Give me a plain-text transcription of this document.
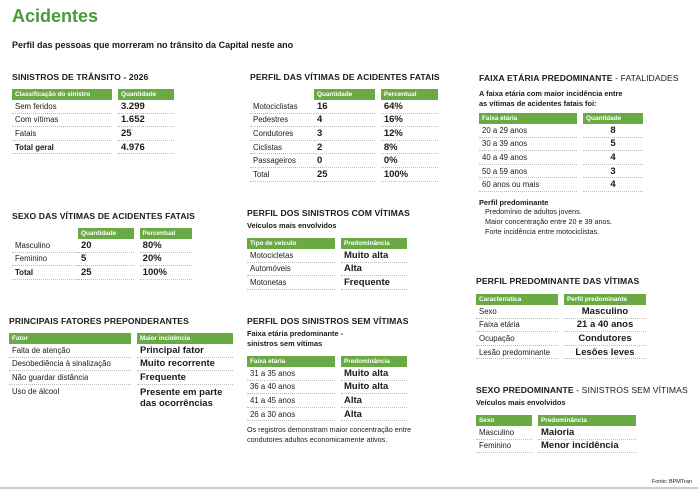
Acidentes
Perfil das pessoas que morreram no trânsito da Capital neste ano
SINISTROS DE TRÂNSITO - 2026
Classificação do sinistro		Quantidade
Sem feridos		3.299
Com vítimas		1.652
Fatais		25
Total geral		4.976
SEXO DAS VÍTIMAS DE ACIDENTES FATAIS
	Quantidade		Percentual
Masculino	20		80%
Feminino	5		20%
Total	25		100%
PRINCIPAIS FATORES PREPONDERANTES
Fator		Maior incidência
Falta de atenção		Principal fator
Desobediência à sinalização		Muito recorrente
Não guardar distância		Frequente
Uso de álcool		Presente em parte
das ocorrências
PERFIL DAS VÍTIMAS DE ACIDENTES FATAIS
	Quantidade		Percentual
Motociclistas	16		64%
Pedestres	4		16%
Condutores	3		12%
Ciclistas	2		8%
Passageiros	0		0%
Total	25		100%
PERFIL DOS SINISTROS COM VÍTIMAS
Veículos mais envolvidos
Tipo de veículo		Predominância
Motocicletas		Muito alta
Automóveis		Alta
Motonetas		Frequente
PERFIL DOS SINISTROS SEM VÍTIMAS
Faixa etária predominante -
sinistros sem vítimas
Faixa etária		Predominância
31 a 35 anos		Muito alta
36 a 40 anos		Muito alta
41 a 45 anos		Alta
26 a 30 anos		Alta
Os registros demonstram maior concentração entre
condutores adultos economicamente ativos.
FAIXA ETÁRIA PREDOMINANTE - FATALIDADES
A faixa etária com maior incidência entre
as vítimas de acidentes fatais foi:
Faixa etária		Quantidade
20 a 29 anos		8
30 a 39 anos		5
40 a 49 anos		4
50 a 59 anos		3
60 anos ou mais		4
Perfil predominante
Predomínio de adultos jovens.
Maior concentração entre 20 e 39 anos.
Forte incidência entre motociclistas.
PERFIL PREDOMINANTE DAS VÍTIMAS
Característica		Perfil predominante
Sexo		Masculino
Faixa etária		21 a 40 anos
Ocupação		Condutores
Lesão predominante		Lesões leves
SEXO PREDOMINANTE - SINISTROS SEM VÍTIMAS
Veículos mais envolvidos
Sexo		Predominância
Masculino		Maioria
Feminino		Menor incidência
Fonte: BPMTran
